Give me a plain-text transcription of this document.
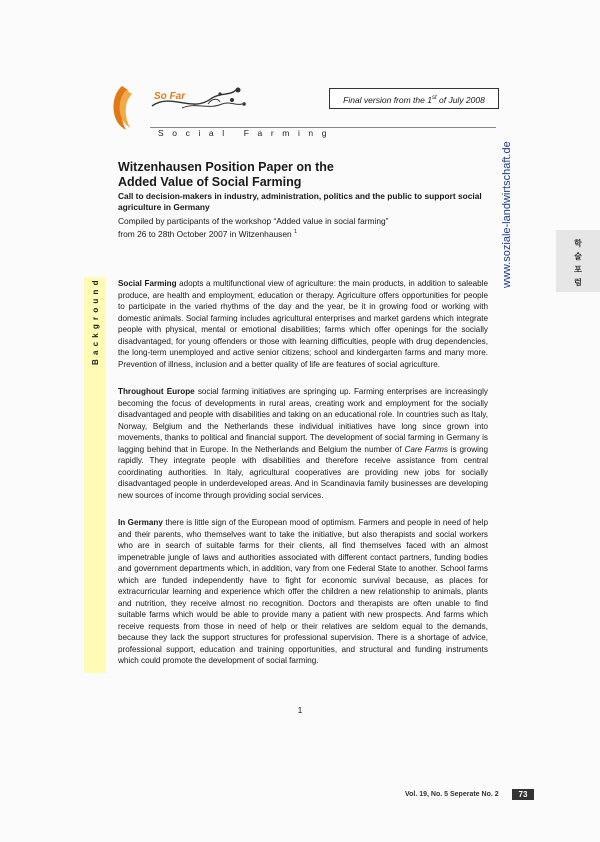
So Far
Social Farming
Final version from the 1st of July 2008
www.soziale-landwirtschaft.de	학
술
포
럼
Background
Witzenhausen Position Paper on the
Added Value of Social Farming
Call to decision-makers in industry, administration, politics and the public to support social agriculture in Germany
Compiled by participants of the workshop “Added value in social farming”
from 26 to 28th October 2007 in Witzenhausen $^1$
Social Farming adopts a multifunctional view of agriculture: the main products, in addition to saleable produce, are health and employment, education or therapy. Agriculture offers opportunities for people to participate in the varied rhythms of the day and the year, be it in growing food or working with domestic animals. Social farming includes agricultural enterprises and market gardens which integrate people with physical, mental or emotional disabilities; farms which offer openings for the socially disadvantaged, for young offenders or those with learning difficulties, people with drug dependencies, the long-term unemployed and active senior citizens; school and kindergarten farms and many more. Prevention of illness, inclusion and a better quality of life are features of social agriculture.
Throughout Europe social farming initiatives are springing up. Farming enterprises are increasingly becoming the focus of developments in rural areas, creating work and employment for the socially disadvantaged and people with disabilities and taking on an educational role. In countries such as Italy, Norway, Belgium and the Netherlands these individual initiatives have long since grown into movements, thanks to political and financial support. The development of social farming in Germany is lagging behind that in Europe. In the Netherlands and Belgium the number of Care Farms is growing rapidly. They integrate people with disabilities and therefore receive assistance from central coordinating authorities. In Italy, agricultural cooperatives are providing new jobs for socially disadvantaged people in underdeveloped areas. And in Scandinavia family businesses are developing new sources of income through providing social services.
In Germany there is little sign of the European mood of optimism. Farmers and people in need of help and their parents, who themselves want to take the initiative, but also therapists and social workers who are in search of suitable farms for their clients, all find themselves faced with an almost impenetrable jungle of laws and authorities associated with different contact partners, funding bodies and government departments which, in addition, vary from one Federal State to another. School farms which are funded independently have to fight for economic survival because, as places for extracurricular learning and experience which offer the children a new relationship to animals, plants and nutrition, they receive almost no recognition. Doctors and therapists are often unable to find suitable farms which would be able to provide many a patient with new prospects. And farms which receive requests from those in need of help or their relatives are seldom equal to the demands, because they lack the support structures for professional supervision. There is a shortage of advice, professional support, education and training opportunities, and structural and funding instruments which could promote the development of social farming.
1
Vol. 19, No. 5 Seperate No. 2	73
